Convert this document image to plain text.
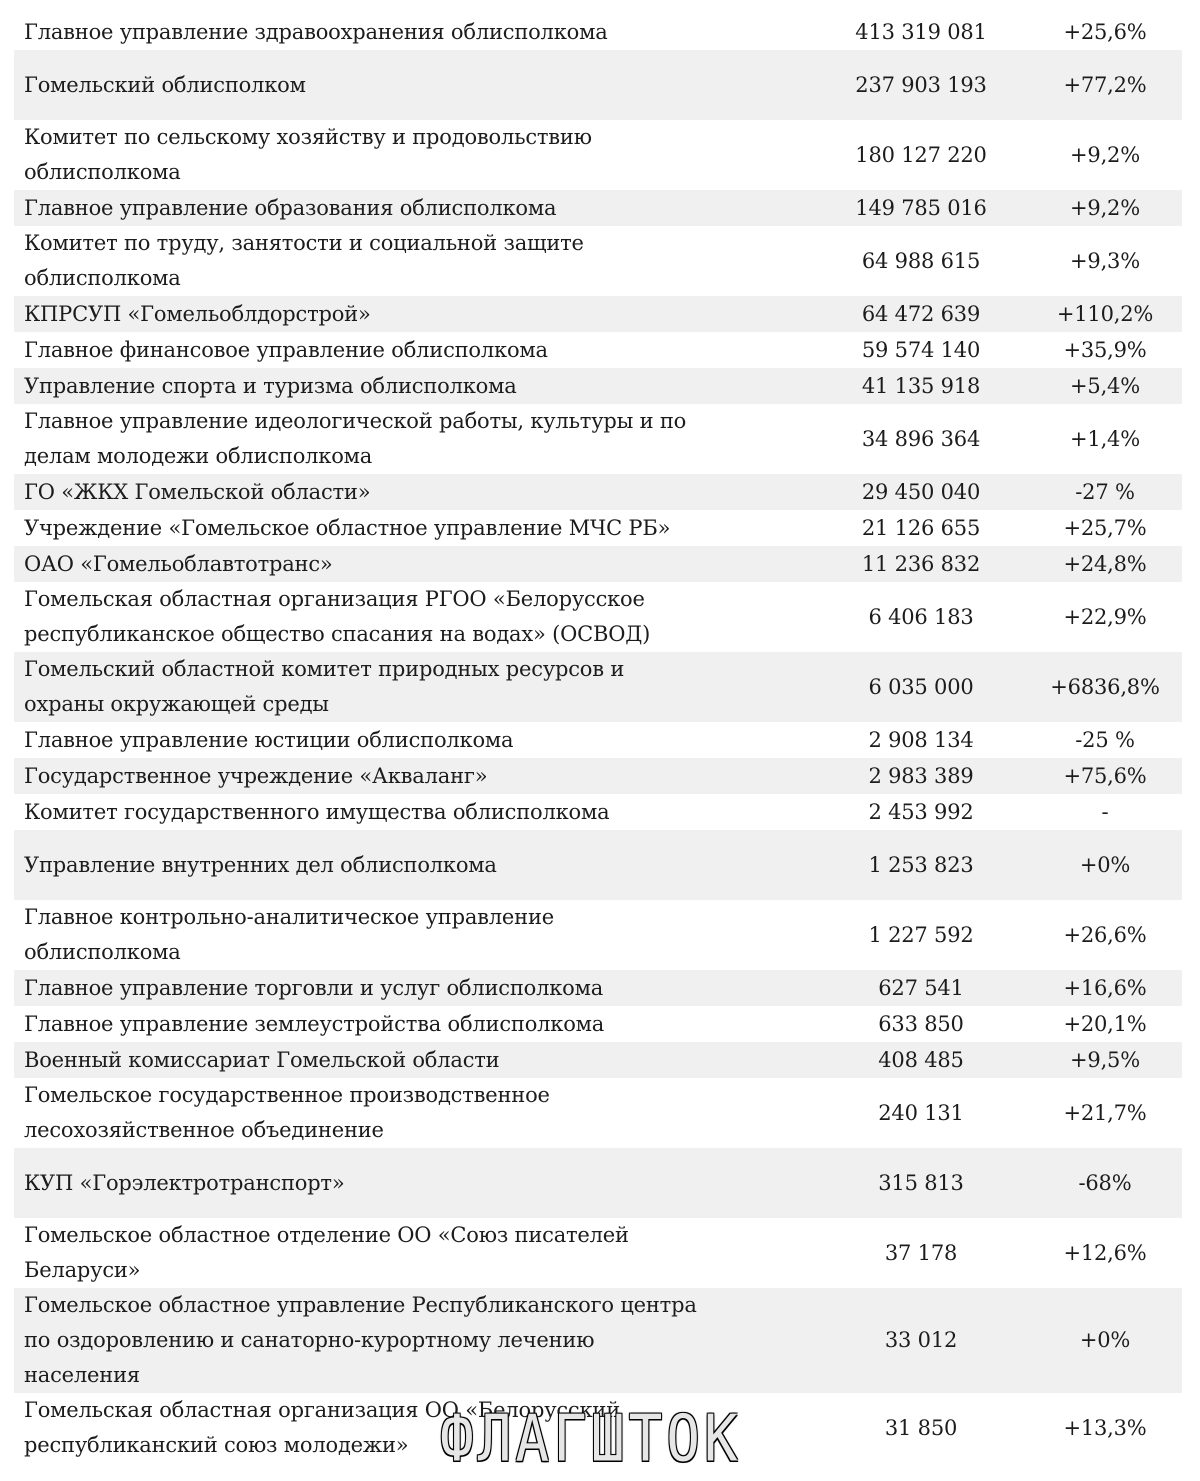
Главное управление здравоохранения облисполкома	413 319 081	+25,6%
Гомельский облисполком	237 903 193	+77,2%
Комитет по сельскому хозяйству и продовольствию
облисполкома
180 127 220	+9,2%
Главное управление образования облисполкома	149 785 016	+9,2%
Комитет по труду, занятости и социальной защите
облисполкома
64 988 615	+9,3%
КПРСУП «Гомельоблдорстрой»	64 472 639	+110,2%
Главное финансовое управление облисполкома	59 574 140	+35,9%
Управление спорта и туризма облисполкома	41 135 918	+5,4%
Главное управление идеологической работы, культуры и по
делам молодежи облисполкома
34 896 364	+1,4%
ГО «ЖКХ Гомельской области»	29 450 040	-27 %
Учреждение «Гомельское областное управление МЧС РБ»	21 126 655	+25,7%
ОАО «Гомельоблавтотранс»	11 236 832	+24,8%
Гомельская областная организация РГОО «Белорусское
республиканское общество спасания на водах» (ОСВОД)
6 406 183	+22,9%
Гомельский областной комитет природных ресурсов и
охраны окружающей среды
6 035 000	+6836,8%
Главное управление юстиции облисполкома	2 908 134	-25 %
Государственное учреждение «Акваланг»	2 983 389	+75,6%
Комитет государственного имущества облисполкома	2 453 992	-
Управление внутренних дел облисполкома	1 253 823	+0%
Главное контрольно-аналитическое управление
облисполкома
1 227 592	+26,6%
Главное управление торговли и услуг облисполкома	627 541	+16,6%
Главное управление землеустройства облисполкома	633 850	+20,1%
Военный комиссариат Гомельской области	408 485	+9,5%
Гомельское государственное производственное
лесохозяйственное объединение
240 131	+21,7%
КУП «Горэлектротранспорт»	315 813	-68%
Гомельское областное отделение ОО «Союз писателей
Беларуси»
37 178	+12,6%
Гомельское областное управление Республиканского центра
по оздоровлению и санаторно-курортному лечению
населения
33 012	+0%
Гомельская областная организация ОО «Белорусский
республиканский союз молодежи»
31 850	+13,3%
ФЛАГШТОК
